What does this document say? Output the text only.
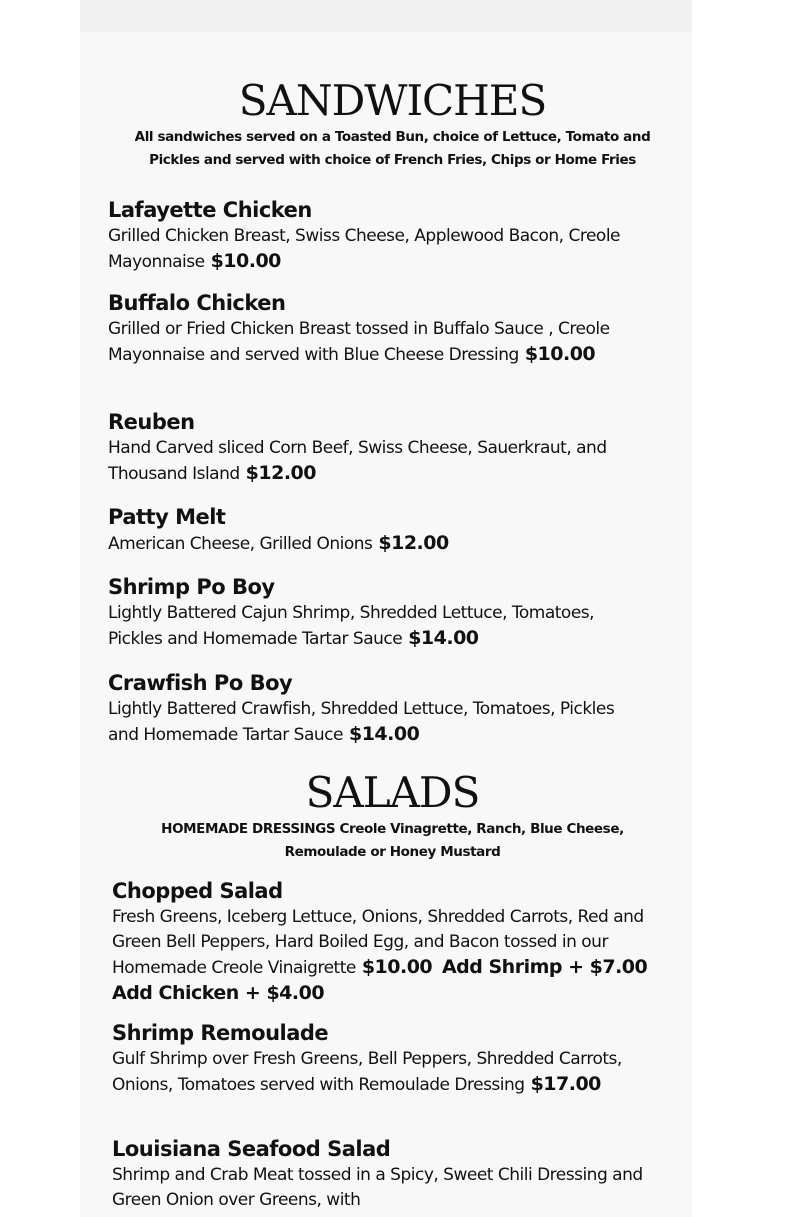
SANDWICHES

All sandwiches served on a Toasted Bun, choice of Lettuce, Tomato and

Pickles and served with choice of French Fries, Chips or Home Fries

Lafayette Chicken

Grilled Chicken Breast, Swiss Cheese, Applewood Bacon, Creole Mayonnaise $10.00

Buffalo Chicken

Grilled or Fried Chicken Breast tossed in Buffalo Sauce , Creole Mayonnaise and served with Blue Cheese Dressing $10.00

Reuben

Hand Carved sliced Corn Beef, Swiss Cheese, Sauerkraut, and Thousand Island $12.00

Patty Melt

American Cheese, Grilled Onions $12.00

Shrimp Po Boy

Lightly Battered Cajun Shrimp, Shredded Lettuce, Tomatoes, Pickles and Homemade Tartar Sauce $14.00

Crawfish Po Boy

Lightly Battered Crawfish, Shredded Lettuce, Tomatoes, Pickles and Homemade Tartar Sauce $14.00

SALADS

HOMEMADE DRESSINGS Creole Vinagrette, Ranch, Blue Cheese,

Remoulade or Honey Mustard

Chopped Salad

Fresh Greens, Iceberg Lettuce, Onions, Shredded Carrots, Red and Green Bell Peppers, Hard Boiled Egg, and Bacon tossed in our Homemade Creole Vinaigrette $10.00 Add Shrimp + $7.00 Add Chicken + $4.00

Shrimp Remoulade

Gulf Shrimp over Fresh Greens, Bell Peppers, Shredded Carrots, Onions, Tomatoes served with Remoulade Dressing $17.00

Louisiana Seafood Salad

Shrimp and Crab Meat tossed in a Spicy, Sweet Chili Dressing and Green Onion over Greens, with
